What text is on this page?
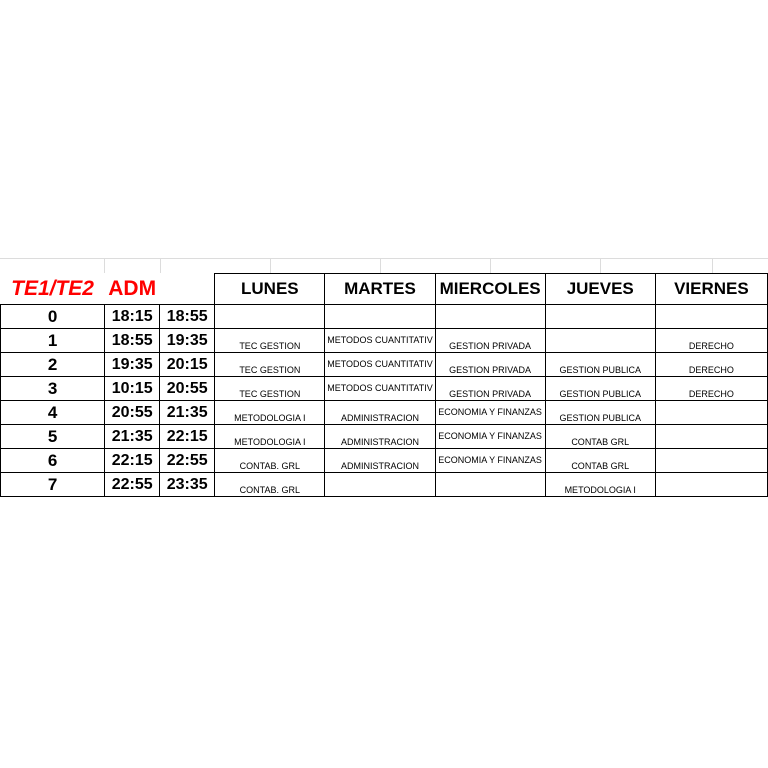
TE1/TE2	ADM		LUNES	MARTES	MIERCOLES	JUEVES	VIERNES
0	18:15	18:55					
1	18:55	19:35	TEC GESTION	METODOS CUANTITATIV	GESTION PRIVADA		DERECHO
2	19:35	20:15	TEC GESTION	METODOS CUANTITATIV	GESTION PRIVADA	GESTION PUBLICA	DERECHO
3	10:15	20:55	TEC GESTION	METODOS CUANTITATIV	GESTION PRIVADA	GESTION PUBLICA	DERECHO
4	20:55	21:35	METODOLOGIA I	ADMINISTRACION	ECONOMIA Y FINANZAS	GESTION PUBLICA	
5	21:35	22:15	METODOLOGIA I	ADMINISTRACION	ECONOMIA Y FINANZAS	CONTAB GRL	
6	22:15	22:55	CONTAB. GRL	ADMINISTRACION	ECONOMIA Y FINANZAS	CONTAB GRL	
7	22:55	23:35	CONTAB. GRL			METODOLOGIA I	
